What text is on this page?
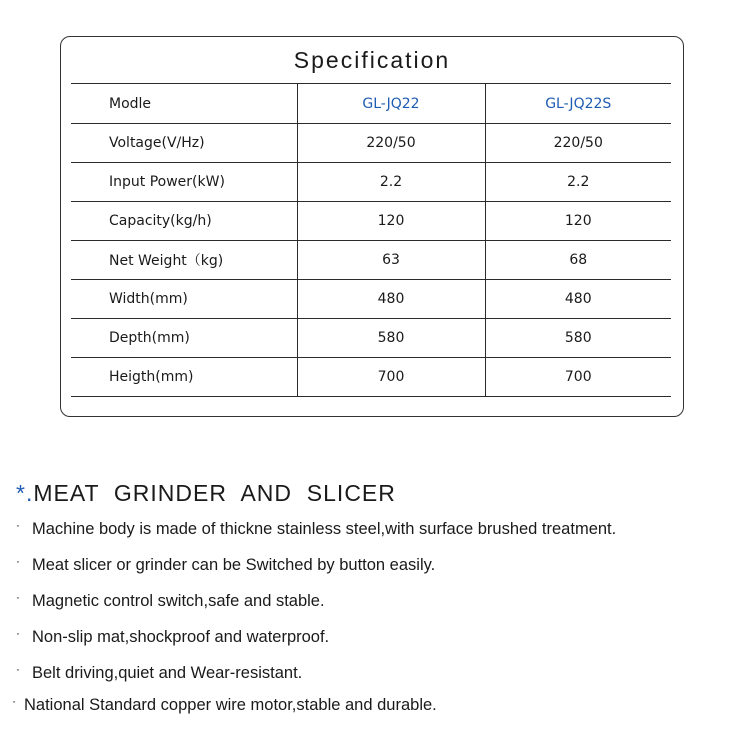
Specification
Modle	GL-JQ22	GL-JQ22S
Voltage(V/Hz)	220/50	220/50
Input Power(kW)	2.2	2.2
Capacity(kg/h)	120	120
Net Weight（kg)	63	68
Width(mm)	480	480
Depth(mm)	580	580
Heigth(mm)	700	700
*.MEAT  GRINDER  AND  SLICER
· Machine body is made of thickne stainless steel,with surface brushed treatment.
· Meat slicer or grinder can be Switched by button easily.
· Magnetic control switch,safe and stable.
· Non-slip mat,shockproof and waterproof.
· Belt driving,quiet and Wear-resistant.
· National Standard copper wire motor,stable and durable.
